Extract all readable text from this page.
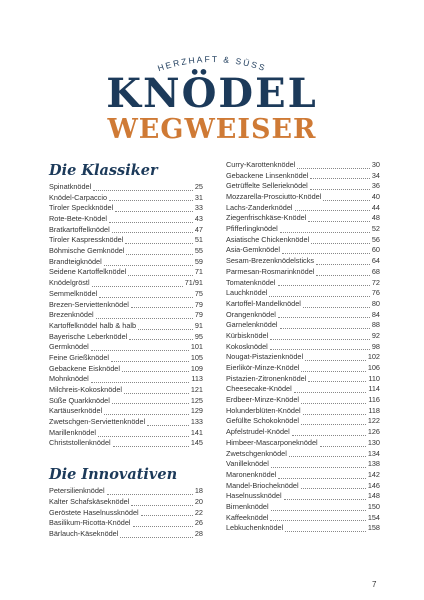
HERZHAFT & SÜSS
KNÖDEL
WEGWEISER
Die Klassiker
Spinatknödel	25
Knödel-Carpaccio	31
Tiroler Speckknödel	33
Rote-Bete-Knödel	43
Bratkartoffelknödel	47
Tiroler Kaspressknödel	51
Böhmische Gemknödel	55
Brandteigknödel	59
Seidene Kartoffelknödel	71
Knödelgröstl	71/91
Semmelknödel	75
Brezen-Serviettenknödel	79
Brezenknödel	79
Kartoffelknödel halb & halb	91
Bayerische Leberknödel	95
Germknödel	101
Feine Grießknödel	105
Gebackene Eisknödel	109
Mohnknödel	113
Milchreis-Kokosknödel	121
Süße Quarkknödel	125
Kartäuserknödel	129
Zwetschgen-Serviettenknödel	133
Marillenknödel	141
Christstollenknödel	145
Die Innovativen
Petersilienknödel	18
Kalter Schafskäseknödel	20
Geröstete Haselnussknödel	22
Basilikum-Ricotta-Knödel	26
Bärlauch-Käseknödel	28
Curry-Karottenknödel	30
Gebackene Linsenknödel	34
Getrüffelte Sellerieknödel	36
Mozzarella-Prosciutto-Knödel	40
Lachs-Zanderknödel	44
Ziegenfrischkäse-Knödel	48
Pfifferlingknödel	52
Asiatische Chickenknödel	56
Asia-Gemknödel	60
Sesam-Brezenknödelsticks	64
Parmesan-Rosmarinknödel	68
Tomatenknödel	72
Lauchknödel	76
Kartoffel-Mandelknödel	80
Orangenknödel	84
Garnelenknödel	88
Kürbisknödel	92
Kokosknödel	98
Nougat-Pistazienknödel	102
Eierlikör-Minze-Knödel	106
Pistazien-Zitronenknödel	110
Cheesecake-Knödel	114
Erdbeer-Minze-Knödel	116
Holunderblüten-Knödel	118
Gefüllte Schokoknödel	122
Apfelstrudel-Knödel	126
Himbeer-Mascarponeknödel	130
Zwetschgenknödel	134
Vanilleknödel	138
Maronenknödel	142
Mandel-Briocheknödel	146
Haselnussknödel	148
Birnenknödel	150
Kaffeeknödel	154
Lebkuchenknödel	158
7
